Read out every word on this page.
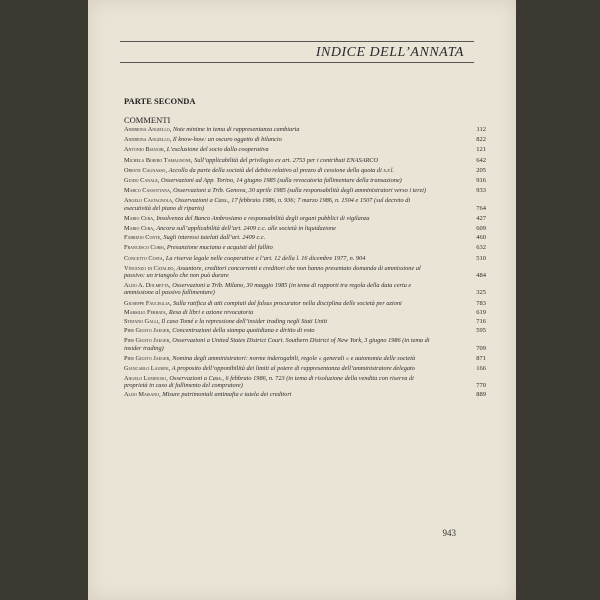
INDICE DELL’ANNATA
PARTE SECONDA
COMMENTI
Andreina Angiello, Note minime in tema di rappresentanza cambiaria	112
Andreina Angiello, Il know-how: un oscuro oggetto di bilancio	822
Antonio Bianchi, L’esclusione del socio dalla cooperativa	121
Michela Boiero Tamagnone, Sull’applicabilità del privilegio ex art. 2753 per i contributi ENASARCO	642
Oreste Cagnasso, Accollo da parte della società del debito relativo al prezzo di cessione della quota di s.r.l.	205
Guido Canale, Osservazioni ad App. Torino, 14 giugno 1985 (sulla revocatoria fallimentare della transazione)	916
Marco Cassottana, Osservazioni a Trib. Genova, 30 aprile 1985 (sulla responsabilità degli amministratori verso i terzi)	933
Angelo Castagnola, Osservazioni a Cass., 17 febbraio 1986, n. 936; 7 marzo 1986, n. 1504 e 1507 (sul decreto di esecutività del piano di riparto)	764
Mario Cera, Insolvenza del Banco Ambrosiano e responsabilità degli organi pubblici di vigilanza	427
Mario Cera, Ancora sull’applicabilità dell’art. 2409 c.c. alle società in liquidazione	609
Fabrizio Conte, Sugli interessi tutelati dall’art. 2409 c.c.	460
Francesco Corsi, Presunzione muciana e acquisti del fallito	632
Concetto Costa, La riserva legale nelle cooperative e l’art. 12 della l. 16 dicembre 1977, n. 904	510
Vincenzo di Cataldo, Assuntore, creditori concorrenti e creditori che non hanno presentato domanda di ammissione al passivo: un triangolo che non può durare	484
Aldo A. Dolmetta, Osservazioni a Trib. Milano, 30 maggio 1985 (in tema di rapporti tra regola della data certa e ammissione al passivo fallimentare)	325
Giuseppe Fauceglia, Sulla ratifica di atti compiuti dal falsus procurator nella disciplina delle società per azioni	783
Marsilio Ferrata, Resa di libri e azione revocatoria	619
Stefano Galli, Il caso Tomé e la repressione dell’insider trading negli Stati Uniti	716
Pier Giusto Jaeger, Concentrazioni della stampa quotidiana e diritto di voto	595
Pier Giusto Jaeger, Osservazioni a United States District Court. Southern District of New York, 3 giugno 1986 (in tema di insider trading)	709
Pier Giusto Jaeger, Nomina degli amministratori: norme inderogabili, regole « generali » e autonomia delle società	871
Giancarlo Laurini, A proposito dell’opponibilità dei limiti al potere di rappresentanza dell’amministratore delegato	166
Angelo Luminoso, Osservazioni a Cass., 6 febbraio 1986, n. 723 (in tema di risoluzione della vendita con riserva di proprietà in caso di fallimento del compratore)	770
Aldo Maisano, Misure patrimoniali antimafia e tutela dei creditori	889
943
